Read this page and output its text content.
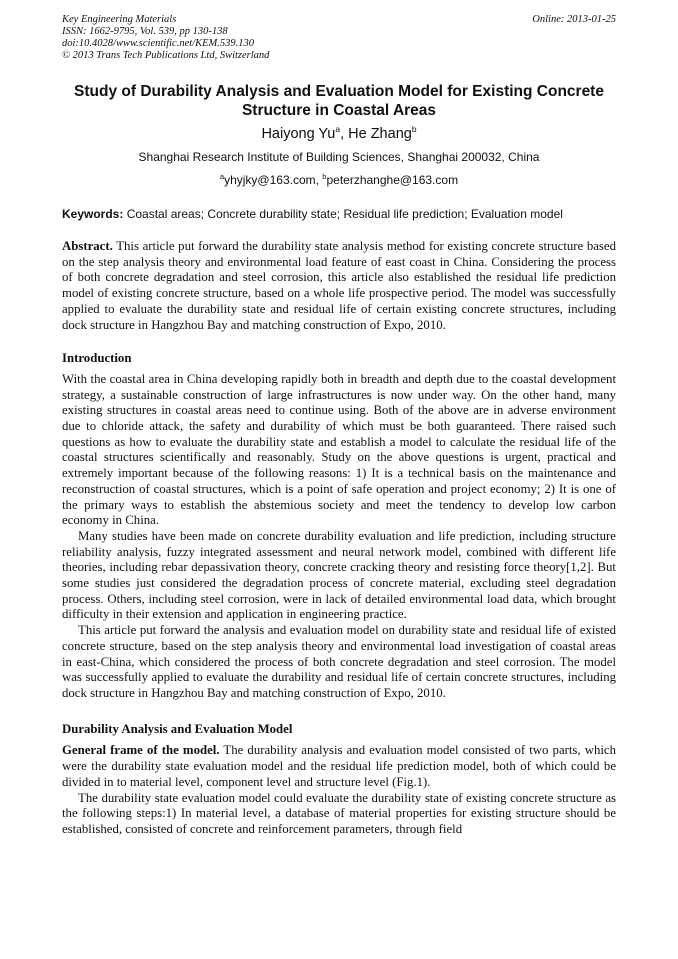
Key Engineering Materials
ISSN: 1662-9795, Vol. 539, pp 130-138
doi:10.4028/www.scientific.net/KEM.539.130
© 2013 Trans Tech Publications Ltd, Switzerland
Online: 2013-01-25
Study of Durability Analysis and Evaluation Model for Existing Concrete Structure in Coastal Areas
Haiyong Yu$^a$, He Zhang$^b$
Shanghai Research Institute of Building Sciences, Shanghai 200032, China
$^a$yhyjky@163.com, $^b$peterzhanghe@163.com
Keywords: Coastal areas; Concrete durability state; Residual life prediction; Evaluation model

Abstract. This article put forward the durability state analysis method for existing concrete structure based on the step analysis theory and environmental load feature of east coast in China. Considering the process of both concrete degradation and steel corrosion, this article also established the residual life prediction model of existing concrete structure, based on a whole life prospective period. The model was successfully applied to evaluate the durability state and residual life of certain existing concrete structures, including dock structure in Hangzhou Bay and matching construction of Expo, 2010.

Introduction

With the coastal area in China developing rapidly both in breadth and depth due to the coastal development strategy, a sustainable construction of large infrastructures is now under way. On the other hand, many existing structures in coastal areas need to continue using. Both of the above are in adverse environment due to chloride attack, the safety and durability of which must be both guaranteed. There raised such questions as how to evaluate the durability state and establish a model to calculate the residual life of the coastal structures scientifically and reasonably. Study on the above questions is urgent, practical and extremely important because of the following reasons: 1) It is a technical basis on the maintenance and reconstruction of coastal structures, which is a point of safe operation and project economy; 2) It is one of the primary ways to establish the abstemious society and meet the tendency to develop low carbon economy in China.

Many studies have been made on concrete durability evaluation and life prediction, including structure reliability analysis, fuzzy integrated assessment and neural network model, combined with different life theories, including rebar depassivation theory, concrete cracking theory and resisting force theory[1,2]. But some studies just considered the degradation process of concrete material, excluding steel degradation process. Others, including steel corrosion, were in lack of detailed environmental load data, which brought difficulty in their extension and application in engineering practice.

This article put forward the analysis and evaluation model on durability state and residual life of existed concrete structure, based on the step analysis theory and environmental load investigation of coastal areas in east-China, which considered the process of both concrete degradation and steel corrosion. The model was successfully applied to evaluate the durability and residual life of certain concrete structures, including dock structure in Hangzhou Bay and matching construction of Expo, 2010.

Durability Analysis and Evaluation Model

General frame of the model. The durability analysis and evaluation model consisted of two parts, which were the durability state evaluation model and the residual life prediction model, both of which could be divided in to material level, component level and structure level (Fig.1).

The durability state evaluation model could evaluate the durability state of existing concrete structure as the following steps:1) In material level, a database of material properties for existing structure should be established, consisted of concrete and reinforcement parameters, through field
